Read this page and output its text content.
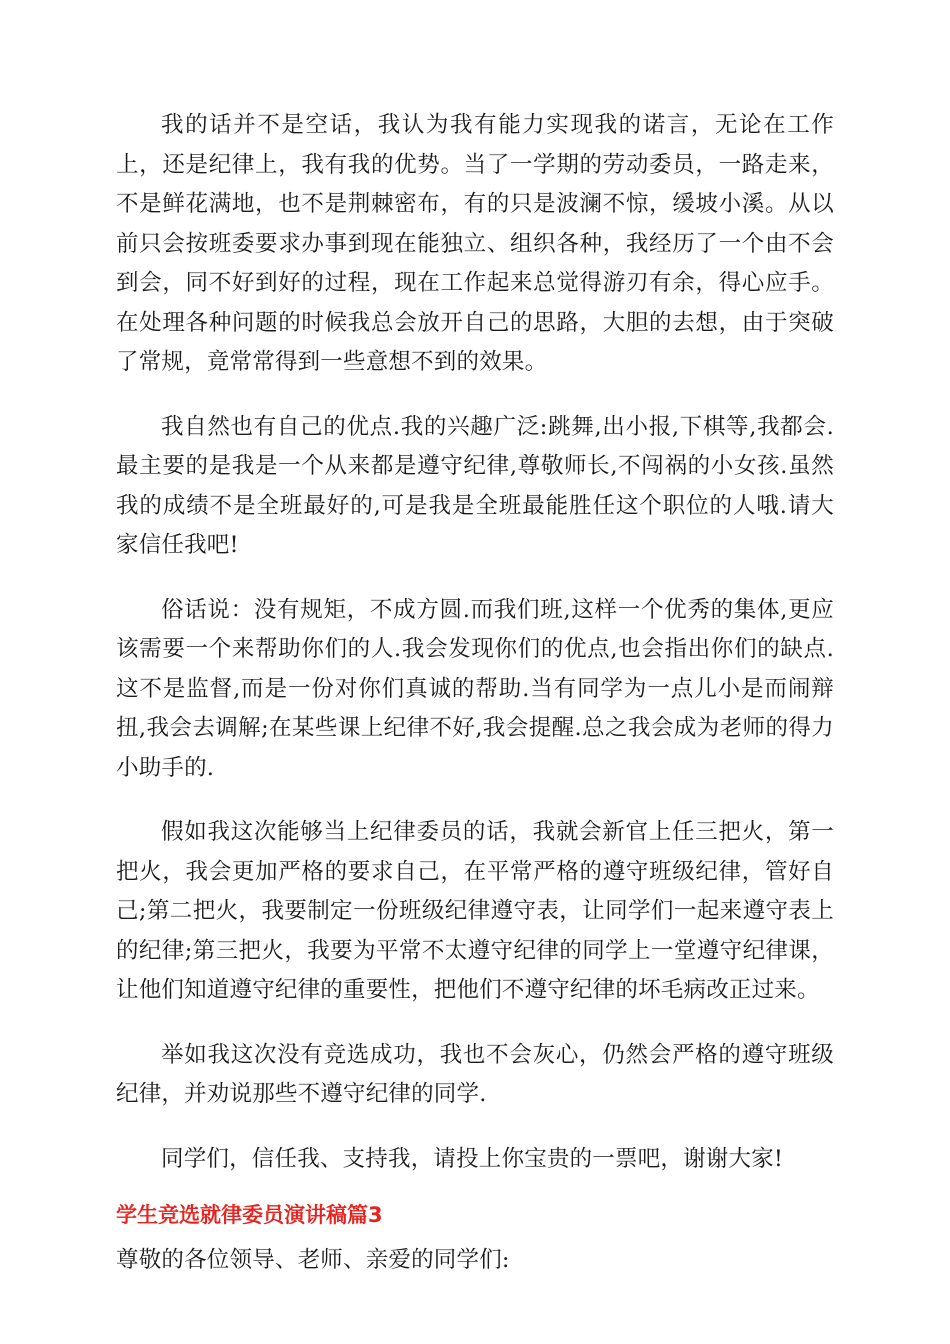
我的话并不是空话，我认为我有能力实现我的诺言，无论在工作上，还是纪律上，我有我的优势。当了一学期的劳动委员，一路走来，不是鲜花满地，也不是荆棘密布，有的只是波澜不惊，缓坡小溪。从以前只会按班委要求办事到现在能独立、组织各种，我经历了一个由不会到会，同不好到好的过程，现在工作起来总觉得游刃有余，得心应手。在处理各种问题的时候我总会放开自己的思路，大胆的去想，由于突破了常规，竟常常得到一些意想不到的效果。

我自然也有自己的优点.我的兴趣广泛:跳舞,出小报,下棋等,我都会.最主要的是我是一个从来都是遵守纪律,尊敬师长,不闯祸的小女孩.虽然我的成绩不是全班最好的,可是我是全班最能胜任这个职位的人哦.请大家信任我吧!

俗话说：没有规矩，不成方圆.而我们班,这样一个优秀的集体,更应该需要一个来帮助你们的人.我会发现你们的优点,也会指出你们的缺点.这不是监督,而是一份对你们真诚的帮助.当有同学为一点儿小是而闹辩扭,我会去调解;在某些课上纪律不好,我会提醒.总之我会成为老师的得力小助手的.

假如我这次能够当上纪律委员的话，我就会新官上任三把火，第一把火，我会更加严格的要求自己，在平常严格的遵守班级纪律，管好自己;第二把火，我要制定一份班级纪律遵守表，让同学们一起来遵守表上的纪律;第三把火，我要为平常不太遵守纪律的同学上一堂遵守纪律课，让他们知道遵守纪律的重要性，把他们不遵守纪律的坏毛病改正过来。

举如我这次没有竞选成功，我也不会灰心，仍然会严格的遵守班级纪律，并劝说那些不遵守纪律的同学.

同学们，信任我、支持我，请投上你宝贵的一票吧，谢谢大家!

学生竞选就律委员演讲稿篇3

尊敬的各位领导、老师、亲爱的同学们:
